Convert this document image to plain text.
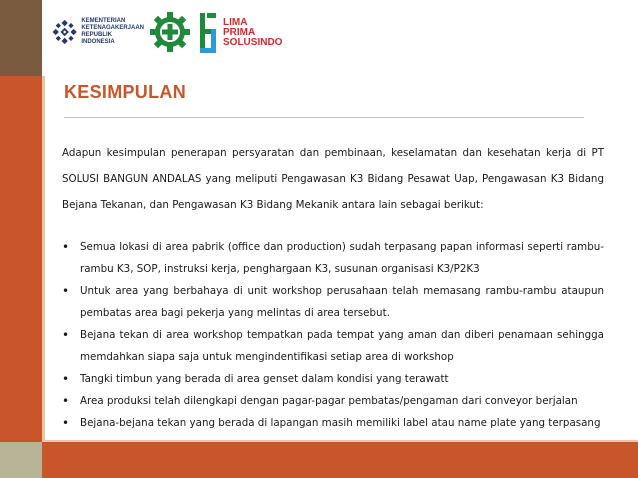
KEMENTERIAN
KETENAGAKERJAAN
REPUBLIK
INDONESIA
LIMA
PRIMA
SOLUSINDO
KESIMPULAN

Adapun kesimpulan penerapan persyaratan dan pembinaan, keselamatan dan kesehatan kerja di PT SOLUSI BANGUN ANDALAS yang meliputi Pengawasan K3 Bidang Pesawat Uap, Pengawasan K3 Bidang Bejana Tekanan, dan Pengawasan K3 Bidang Mekanik antara lain sebagai berikut:

• Semua lokasi di area pabrik (office dan production) sudah terpasang papan informasi seperti rambu-rambu K3, SOP, instruksi kerja, penghargaan K3, susunan organisasi K3/P2K3
• Untuk area yang berbahaya di unit workshop perusahaan telah memasang rambu-rambu ataupun pembatas area bagi pekerja yang melintas di area tersebut.
• Bejana tekan di area workshop tempatkan pada tempat yang aman dan diberi penamaan sehingga memdahkan siapa saja untuk mengindentifikasi setiap area di workshop
• Tangki timbun yang berada di area genset dalam kondisi yang terawatt
• Area produksi telah dilengkapi dengan pagar-pagar pembatas/pengaman dari conveyor berjalan
• Bejana-bejana tekan yang berada di lapangan masih memiliki label atau name plate yang terpasang
